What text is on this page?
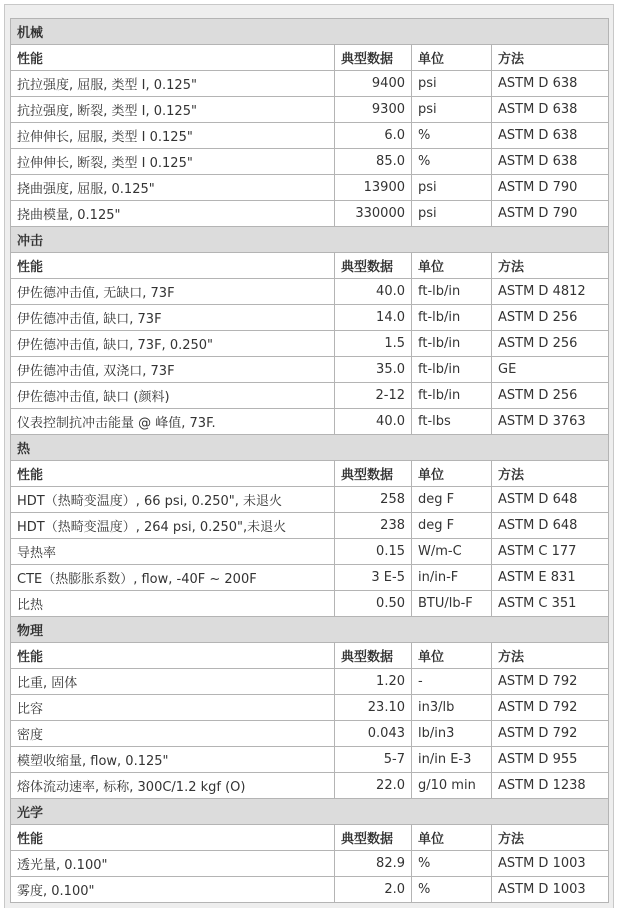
机械			
性能	典型数据	单位	方法
抗拉强度, 屈服, 类型 I, 0.125"	9400	psi	ASTM D 638
抗拉强度, 断裂, 类型 I, 0.125"	9300	psi	ASTM D 638
拉伸伸长, 屈服, 类型 I 0.125"	6.0	%	ASTM D 638
拉伸伸长, 断裂, 类型 I 0.125"	85.0	%	ASTM D 638
挠曲强度, 屈服, 0.125"	13900	psi	ASTM D 790
挠曲模量, 0.125"	330000	psi	ASTM D 790
冲击			
性能	典型数据	单位	方法
伊佐德冲击值, 无缺口, 73F	40.0	ft-lb/in	ASTM D 4812
伊佐德冲击值, 缺口, 73F	14.0	ft-lb/in	ASTM D 256
伊佐德冲击值, 缺口, 73F, 0.250"	1.5	ft-lb/in	ASTM D 256
伊佐德冲击值, 双浇口, 73F	35.0	ft-lb/in	GE
伊佐德冲击值, 缺口 (颜料)	2-12	ft-lb/in	ASTM D 256
仪表控制抗冲击能量 @ 峰值, 73F.	40.0	ft-lbs	ASTM D 3763
热			
性能	典型数据	单位	方法
HDT（热畸变温度）, 66 psi, 0.250", 未退火	258	deg F	ASTM D 648
HDT（热畸变温度）, 264 psi, 0.250",未退火	238	deg F	ASTM D 648
导热率	0.15	W/m-C	ASTM C 177
CTE（热膨胀系数）, flow, -40F ~ 200F	3 E-5	in/in-F	ASTM E 831
比热	0.50	BTU/lb-F	ASTM C 351
物理			
性能	典型数据	单位	方法
比重, 固体	1.20	-	ASTM D 792
比容	23.10	in3/lb	ASTM D 792
密度	0.043	lb/in3	ASTM D 792
模塑收缩量, flow, 0.125"	5-7	in/in E-3	ASTM D 955
熔体流动速率, 标称, 300C/1.2 kgf (O)	22.0	g/10 min	ASTM D 1238
光学			
性能	典型数据	单位	方法
透光量, 0.100"	82.9	%	ASTM D 1003
雾度, 0.100"	2.0	%	ASTM D 1003
